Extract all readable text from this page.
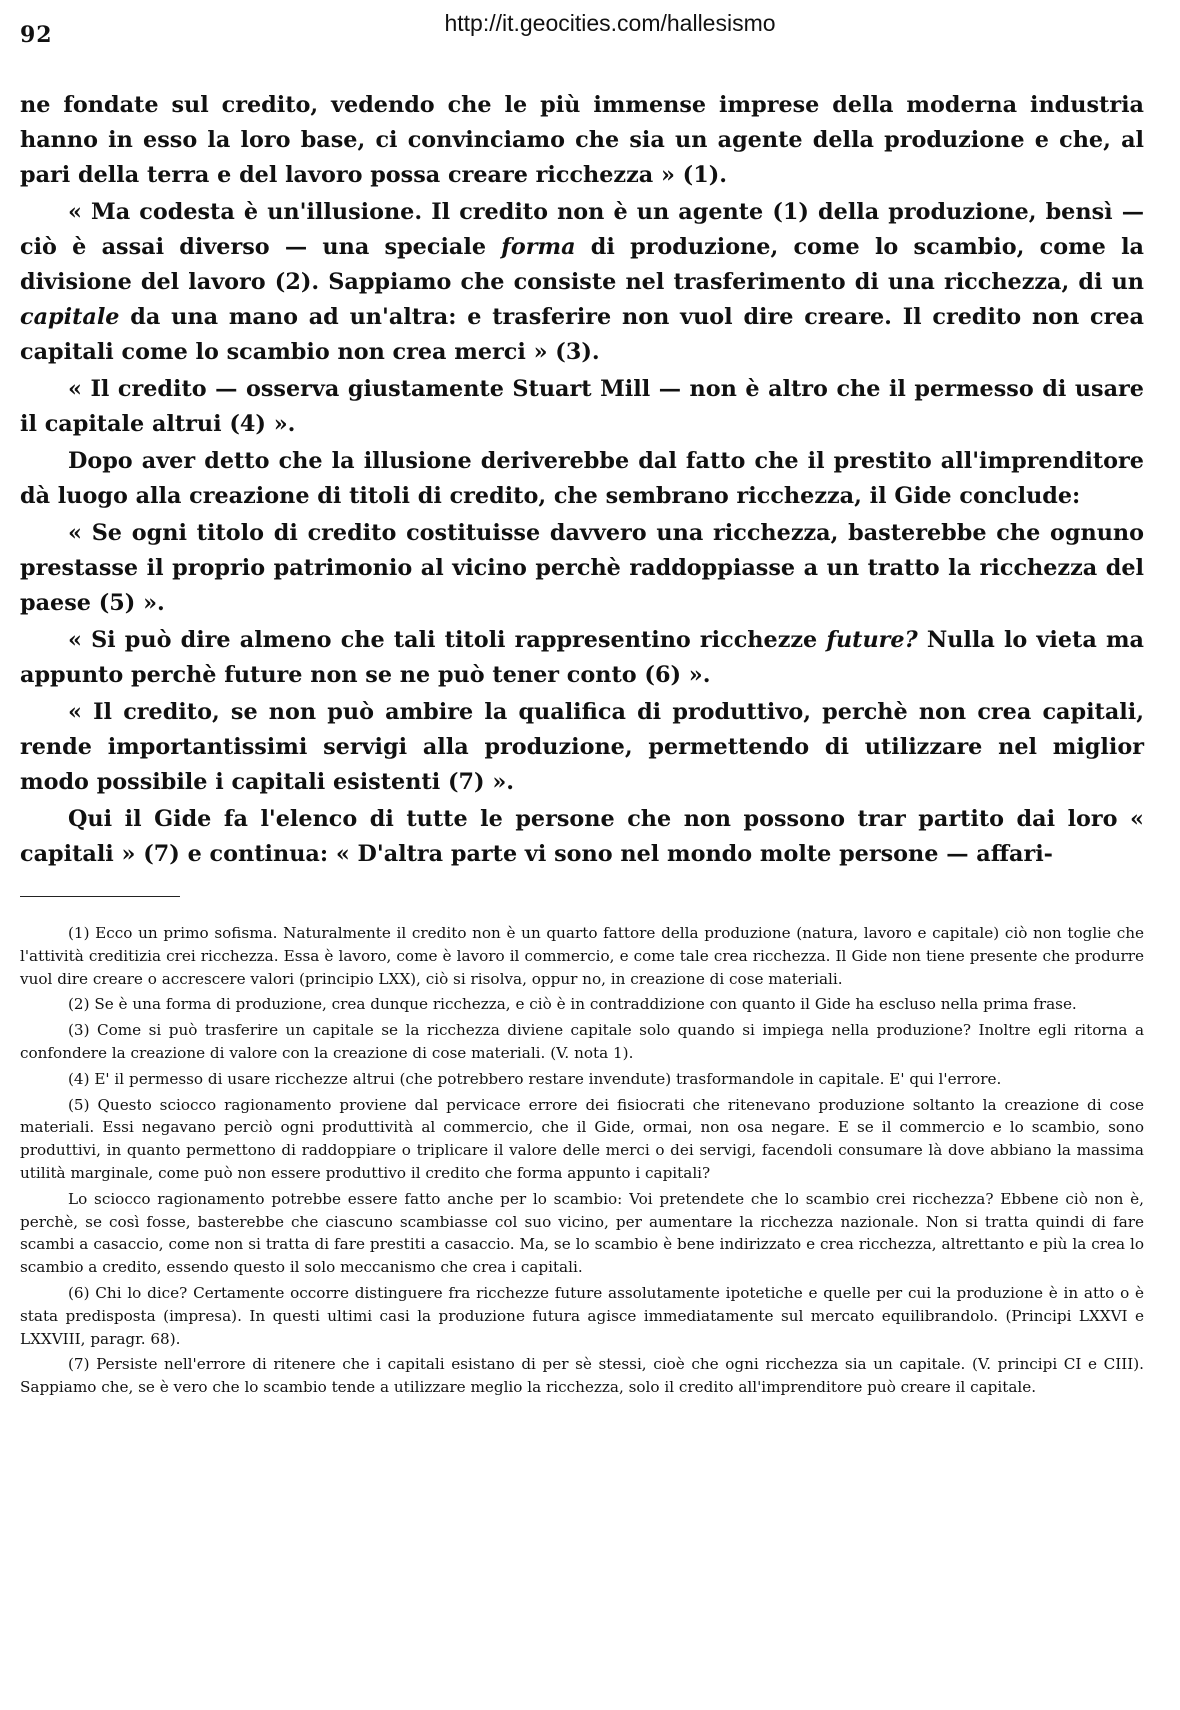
92	http://it.geocities.com/hallesismo

ne fondate sul credito, vedendo che le più immense imprese della moderna industria hanno in esso la loro base, ci convinciamo che sia un agente della produzione e che, al pari della terra e del lavoro possa creare ricchezza » (1).

« Ma codesta è un'illusione. Il credito non è un agente (1) della produzione, bensì — ciò è assai diverso — una speciale forma di produzione, come lo scambio, come la divisione del lavoro (2). Sappiamo che consiste nel trasferimento di una ricchezza, di un capitale da una mano ad un'altra: e trasferire non vuol dire creare. Il credito non crea capitali come lo scambio non crea merci » (3).

« Il credito — osserva giustamente Stuart Mill — non è altro che il permesso di usare il capitale altrui (4) ».

Dopo aver detto che la illusione deriverebbe dal fatto che il prestito all'imprenditore dà luogo alla creazione di titoli di credito, che sembrano ricchezza, il Gide conclude:

« Se ogni titolo di credito costituisse davvero una ricchezza, basterebbe che ognuno prestasse il proprio patrimonio al vicino perchè raddoppiasse a un tratto la ricchezza del paese (5) ».

« Si può dire almeno che tali titoli rappresentino ricchezze future? Nulla lo vieta ma appunto perchè future non se ne può tener conto (6) ».

« Il credito, se non può ambire la qualifica di produttivo, perchè non crea capitali, rende importantissimi servigi alla produzione, permettendo di utilizzare nel miglior modo possibile i capitali esistenti (7) ».

Qui il Gide fa l'elenco di tutte le persone che non possono trar partito dai loro « capitali » (7) e continua: « D'altra parte vi sono nel mondo molte persone — affari-

(1) Ecco un primo sofisma. Naturalmente il credito non è un quarto fattore della produzione (natura, lavoro e capitale) ciò non toglie che l'attività creditizia crei ricchezza. Essa è lavoro, come è lavoro il commercio, e come tale crea ricchezza. Il Gide non tiene presente che produrre vuol dire creare o accrescere valori (principio LXX), ciò si risolva, oppur no, in creazione di cose materiali.

(2) Se è una forma di produzione, crea dunque ricchezza, e ciò è in contraddizione con quanto il Gide ha escluso nella prima frase.

(3) Come si può trasferire un capitale se la ricchezza diviene capitale solo quando si impiega nella produzione? Inoltre egli ritorna a confondere la creazione di valore con la creazione di cose materiali. (V. nota 1).

(4) E' il permesso di usare ricchezze altrui (che potrebbero restare invendute) trasformandole in capitale. E' qui l'errore.

(5) Questo sciocco ragionamento proviene dal pervicace errore dei fisiocrati che ritenevano produzione soltanto la creazione di cose materiali. Essi negavano perciò ogni produttività al commercio, che il Gide, ormai, non osa negare. E se il commercio e lo scambio, sono produttivi, in quanto permettono di raddoppiare o triplicare il valore delle merci o dei servigi, facendoli consumare là dove abbiano la massima utilità marginale, come può non essere produttivo il credito che forma appunto i capitali?

Lo sciocco ragionamento potrebbe essere fatto anche per lo scambio: Voi pretendete che lo scambio crei ricchezza? Ebbene ciò non è, perchè, se così fosse, basterebbe che ciascuno scambiasse col suo vicino, per aumentare la ricchezza nazionale. Non si tratta quindi di fare scambi a casaccio, come non si tratta di fare prestiti a casaccio. Ma, se lo scambio è bene indirizzato e crea ricchezza, altrettanto e più la crea lo scambio a credito, essendo questo il solo meccanismo che crea i capitali.

(6) Chi lo dice? Certamente occorre distinguere fra ricchezze future assolutamente ipotetiche e quelle per cui la produzione è in atto o è stata predisposta (impresa). In questi ultimi casi la produzione futura agisce immediatamente sul mercato equilibrandolo. (Principi LXXVI e LXXVIII, paragr. 68).

(7) Persiste nell'errore di ritenere che i capitali esistano di per sè stessi, cioè che ogni ricchezza sia un capitale. (V. principi CI e CIII). Sappiamo che, se è vero che lo scambio tende a utilizzare meglio la ricchezza, solo il credito all'imprenditore può creare il capitale.
